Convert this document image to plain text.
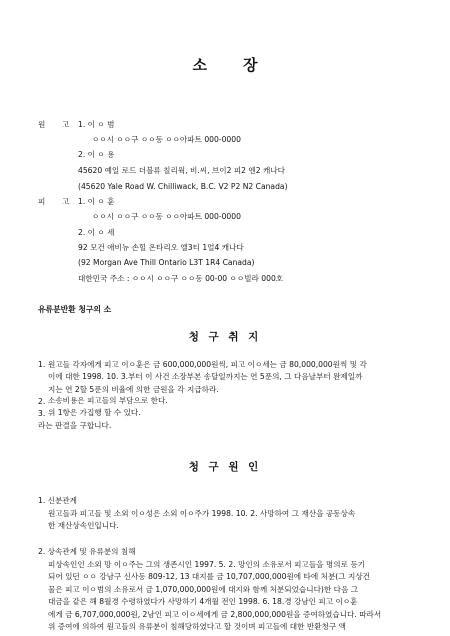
소 장
원 고 1. 이 ㅇ 범
ㅇㅇ시 ㅇㅇ구 ㅇㅇ동 ㅇㅇ아파트 000-0000
2. 이 ㅇ 용
45620 예일 로드 더블류 칠리웍, 비.씨, 브이2 피2 엔2 캐나다
(45620 Yale Road W. Chilliwack, B.C. V2 P2 N2 Canada)
피 고 1. 이 ㅇ 훈
ㅇㅇ시 ㅇㅇ구 ㅇㅇ동 ㅇㅇ아파트 000-0000
2. 이 ㅇ 세
92 모건 애비뉴 손힐 온타리오 엘3티 1얼4 캐나다
(92 Morgan Ave Thill Ontario L3T 1R4 Canada)
대한민국 주소 : ㅇㅇ시 ㅇㅇ구 ㅇㅇ동 00-00 ㅇㅇ빌라 000호
유류분반환 청구의 소
청 구 취 지
1. 원고들 각자에게 피고 이ㅇ훈은 금 600,000,000원씩, 피고 이ㅇ세는 금 80,000,000원씩 및 각
이에 대한 1998. 10. 3.부터 이 사건 소장부본 송달일까지는 연 5푼의, 그 다음날부터 완제일까
지는 연 2할 5푼의 비율에 의한 금원을 각 지급하라.
2. 소송비용은 피고들의 부담으로 한다.
3. 위 1항은 가집행 할 수 있다.
라는 판결을 구합니다.
청 구 원 인
1. 신분관계
원고들과 피고들 및 소외 이ㅇ성은 소외 이ㅇ주가 1998. 10. 2. 사망하여 그 재산을 공동상속
한 재산상속인입니다.
2. 상속관계 및 유류분의 침해
피상속인인 소외 망 이ㅇ주는 그의 생존시인 1997. 5. 2. 망인의 소유로서 피고들을 명의로 등기
되어 있던 ㅇㅇ 강남구 신사동 809-12, 13 대지를 금 10,707,000,000원에 타에 처분(그 지상건
물은 피고 이ㅇ범의 소유로서 금 1,070,000,000원에 대지와 함께 처분되었습니다)한 다음 그
대금을 같은 해 8월경 수령하였다가 사망하기 4개월 전인 1998. 6. 18.경 강남인 피고 이ㅇ훈
에게 금 6,707,000,000원, 2남인 피고 이ㅇ세에게 금 2,800,000,000원을 증여하였습니다. 따라서
위 증여에 의하여 원고들의 유류분이 침해당하였다고 할 것이며 피고들에 대한 반환청구 액
